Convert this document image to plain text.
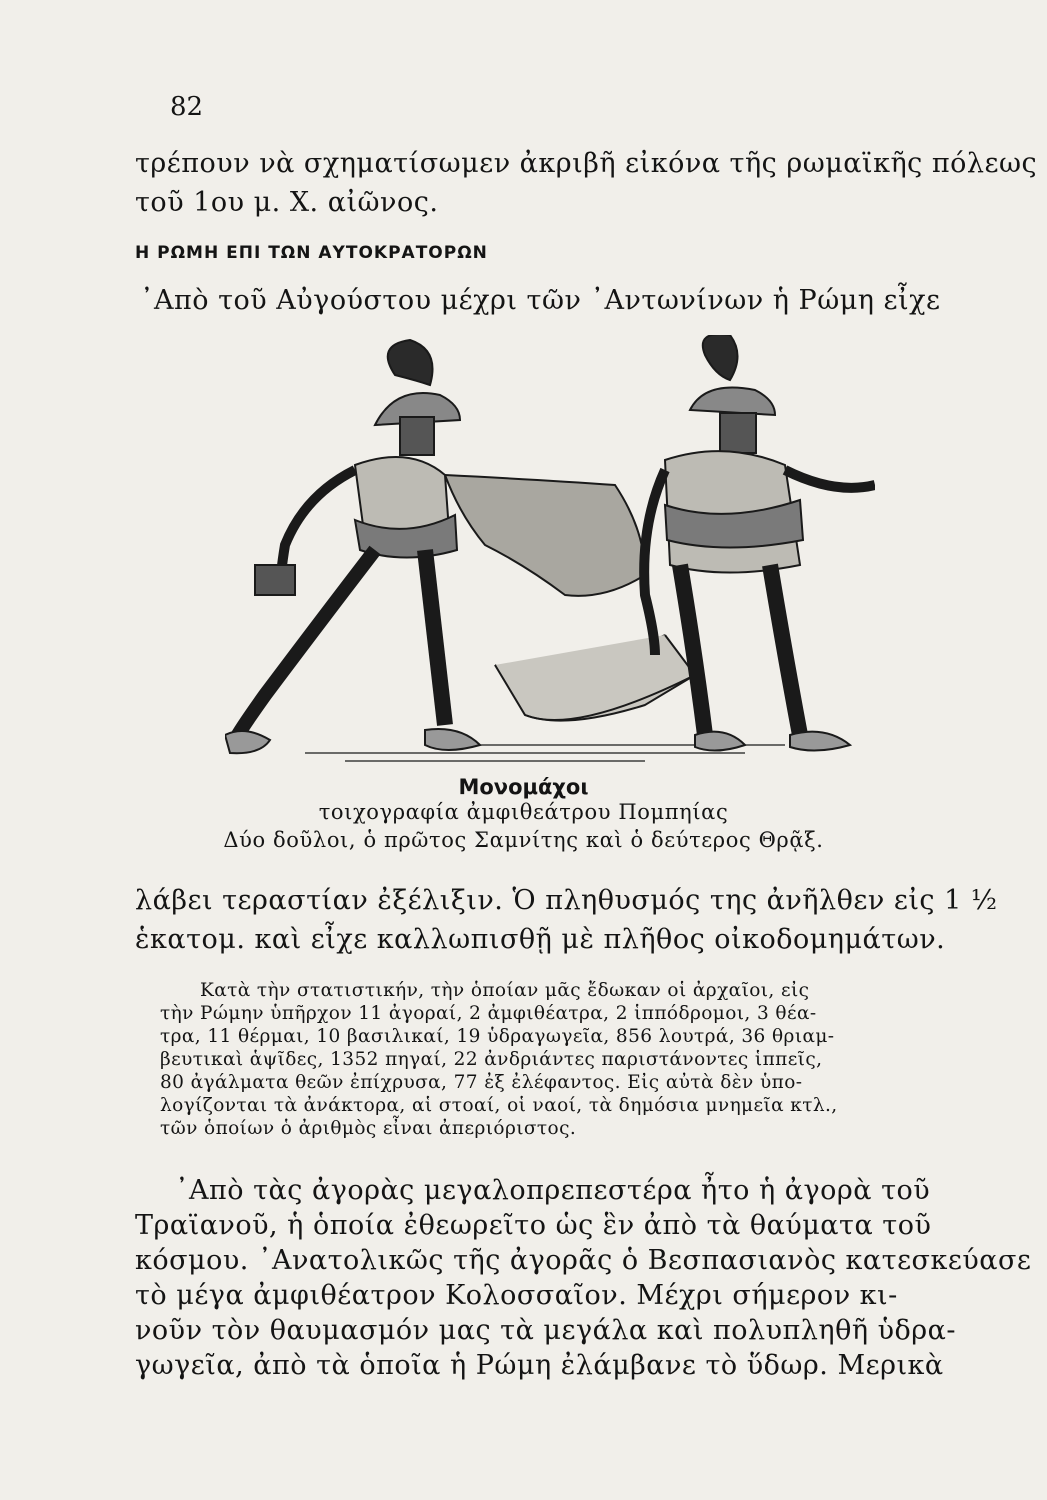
82
τρέπουν νὰ σχηματίσωμεν ἀκριβῆ εἰκόνα τῆς ρωμαϊκῆς πόλεως
τοῦ 1ου μ. Χ. αἰῶνος.
Η ΡΩΜΗ ΕΠΙ ΤΩΝ ΑΥΤΟΚΡΑΤΟΡΩΝ
᾿Απὸ τοῦ Αὐγούστου μέχρι τῶν ᾿Αντωνίνων ἡ Ρώμη εἶχε
Μονομάχοι
τοιχογραφία ἀμφιθεάτρου Πομπηίας
Δύο δοῦλοι, ὁ πρῶτος Σαμνίτης καὶ ὁ δεύτερος Θρᾷξ.
λάβει τεραστίαν ἐξέλιξιν. Ὁ πληθυσμός της ἀνῆλθεν εἰς 1 ½
ἑκατομ. καὶ εἶχε καλλωπισθῇ μὲ πλῆθος οἰκοδομημάτων.
Κατὰ τὴν στατιστικήν, τὴν ὁποίαν μᾶς ἔδωκαν οἱ ἀρχαῖοι, εἰς
τὴν Ρώμην ὑπῆρχον 11 ἀγοραί, 2 ἀμφιθέατρα, 2 ἱππόδρομοι, 3 θέα-
τρα, 11 θέρμαι, 10 βασιλικαί, 19 ὑδραγωγεῖα, 856 λουτρά, 36 θριαμ-
βευτικαὶ ἁψῖδες, 1352 πηγαί, 22 ἀνδριάντες παριστάνοντες ἱππεῖς,
80 ἀγάλματα θεῶν ἐπίχρυσα, 77 ἐξ ἐλέφαντος. Εἰς αὐτὰ δὲν ὑπο-
λογίζονται τὰ ἀνάκτορα, αἱ στοαί, οἱ ναοί, τὰ δημόσια μνημεῖα κτλ.,
τῶν ὁποίων ὁ ἀριθμὸς εἶναι ἀπεριόριστος.
᾿Απὸ τὰς ἀγορὰς μεγαλοπρεπεστέρα ἦτο ἡ ἀγορὰ τοῦ
Τραϊανοῦ, ἡ ὁποία ἐθεωρεῖτο ὡς ἓν ἀπὸ τὰ θαύματα τοῦ
κόσμου. ᾿Ανατολικῶς τῆς ἀγορᾶς ὁ Βεσπασιανὸς κατεσκεύασε
τὸ μέγα ἀμφιθέατρον Κολοσσαῖον. Μέχρι σήμερον κι-
νοῦν τὸν θαυμασμόν μας τὰ μεγάλα καὶ πολυπληθῆ ὑδρα-
γωγεῖα, ἀπὸ τὰ ὁποῖα ἡ Ρώμη ἐλάμβανε τὸ ὕδωρ. Μερικὰ
